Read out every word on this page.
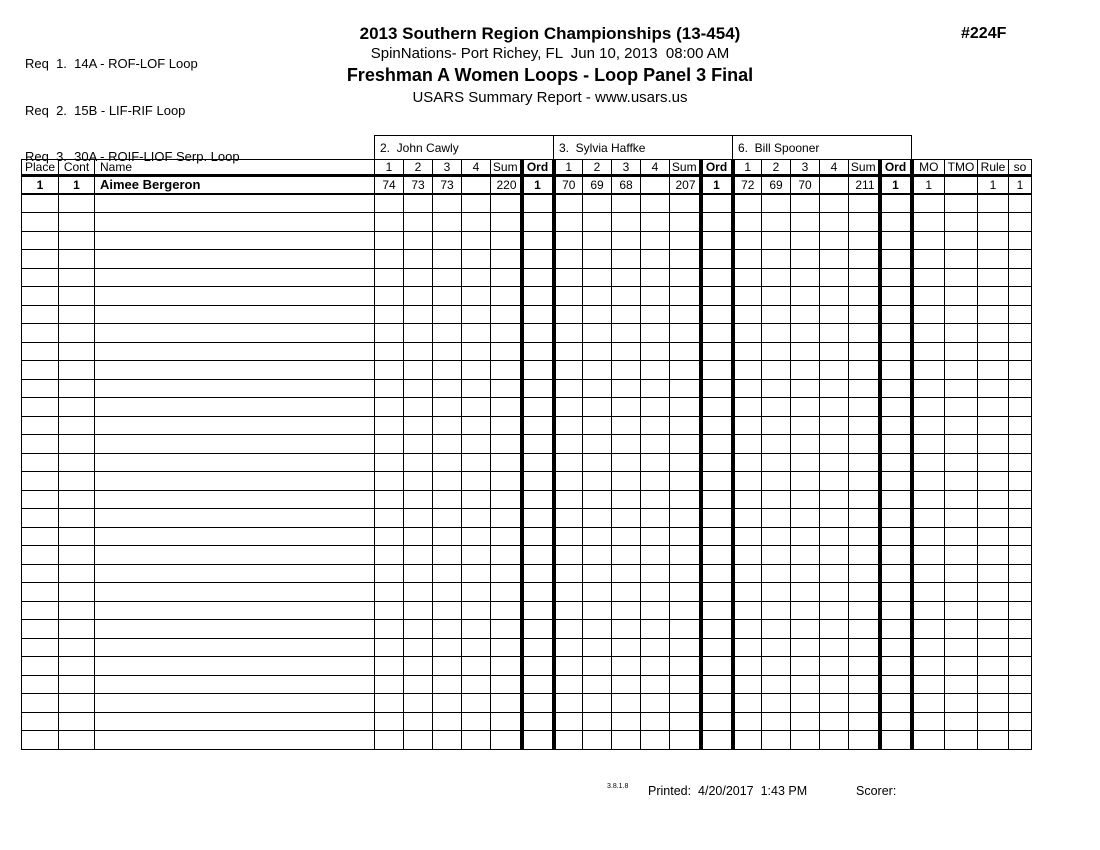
Req  1.  14A - ROF-LOF Loop

Req  2.  15B - LIF-RIF Loop

Req  3.  30A - ROIF-LIOF Serp. Loop

2013 Southern Region Championships (13-454)
SpinNations- Port Richey, FL  Jun 10, 2013  08:00 AM
Freshman A Women Loops - Loop Panel 3 Final
USARS Summary Report - www.usars.us
#224F
			2.  John Cawly						3.  Sylvia Haffke						6.  Bill Spooner									
Place	Cont	Name	1	2	3	4	Sum	Ord	1	2	3	4	Sum	Ord	1	2	3	4	Sum	Ord	MO	TMO	Rule	so
1	1	Aimee Bergeron	74	73	73		220	1	70	69	68		207	1	72	69	70		211	1	1		1	1

3.8.1.8 Printed:  4/20/2017  1:43 PM	Scorer:
